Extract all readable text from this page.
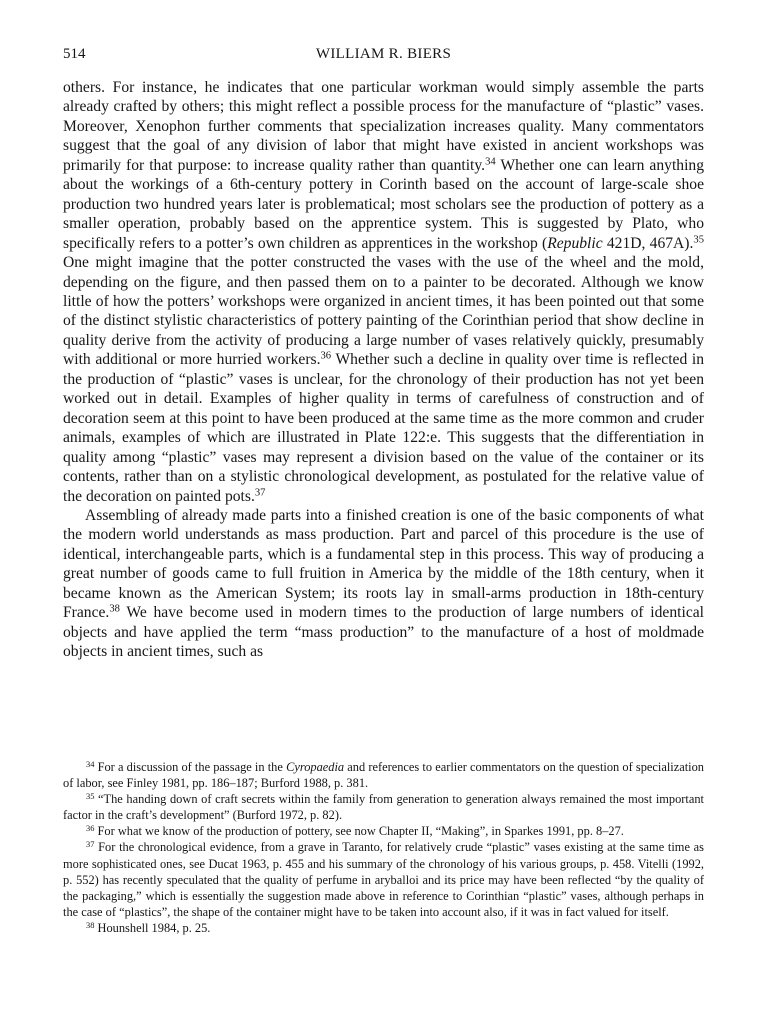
514	WILLIAM R. BIERS

others. For instance, he indicates that one particular workman would simply assemble the parts already crafted by others; this might reflect a possible process for the manufacture of “plastic” vases. Moreover, Xenophon further comments that specialization increases quality. Many commentators suggest that the goal of any division of labor that might have existed in ancient workshops was primarily for that purpose: to increase quality rather than quantity.$^{34}$ Whether one can learn anything about the workings of a 6th-century pottery in Corinth based on the account of large-scale shoe production two hundred years later is problematical; most scholars see the production of pottery as a smaller operation, probably based on the apprentice system. This is suggested by Plato, who specifically refers to a potter’s own children as apprentices in the workshop (Republic 421D, 467A).$^{35}$ One might imagine that the potter constructed the vases with the use of the wheel and the mold, depending on the figure, and then passed them on to a painter to be decorated. Although we know little of how the potters’ workshops were organized in ancient times, it has been pointed out that some of the distinct stylistic characteristics of pottery painting of the Corinthian period that show decline in quality derive from the activity of producing a large number of vases relatively quickly, presumably with additional or more hurried workers.$^{36}$ Whether such a decline in quality over time is reflected in the production of “plastic” vases is unclear, for the chronology of their production has not yet been worked out in detail. Examples of higher quality in terms of carefulness of construction and of decoration seem at this point to have been produced at the same time as the more common and cruder animals, examples of which are illustrated in Plate 122:e. This suggests that the differentiation in quality among “plastic” vases may represent a division based on the value of the container or its contents, rather than on a stylistic chronological development, as postulated for the relative value of the decoration on painted pots.$^{37}$

Assembling of already made parts into a finished creation is one of the basic components of what the modern world understands as mass production. Part and parcel of this procedure is the use of identical, interchangeable parts, which is a fundamental step in this process. This way of producing a great number of goods came to full fruition in America by the middle of the 18th century, when it became known as the American System; its roots lay in small-arms production in 18th-century France.$^{38}$ We have become used in modern times to the production of large numbers of identical objects and have applied the term “mass production” to the manufacture of a host of moldmade objects in ancient times, such as

$^{34}$ For a discussion of the passage in the Cyropaedia and references to earlier commentators on the question of specialization of labor, see Finley 1981, pp. 186–187; Burford 1988, p. 381.

$^{35}$ “The handing down of craft secrets within the family from generation to generation always remained the most important factor in the craft’s development” (Burford 1972, p. 82).

$^{36}$ For what we know of the production of pottery, see now Chapter II, “Making”, in Sparkes 1991, pp. 8–27.

$^{37}$ For the chronological evidence, from a grave in Taranto, for relatively crude “plastic” vases existing at the same time as more sophisticated ones, see Ducat 1963, p. 455 and his summary of the chronology of his various groups, p. 458. Vitelli (1992, p. 552) has recently speculated that the quality of perfume in aryballoi and its price may have been reflected “by the quality of the packaging,” which is essentially the suggestion made above in reference to Corinthian “plastic” vases, although perhaps in the case of “plastics”, the shape of the container might have to be taken into account also, if it was in fact valued for itself.

$^{38}$ Hounshell 1984, p. 25.
